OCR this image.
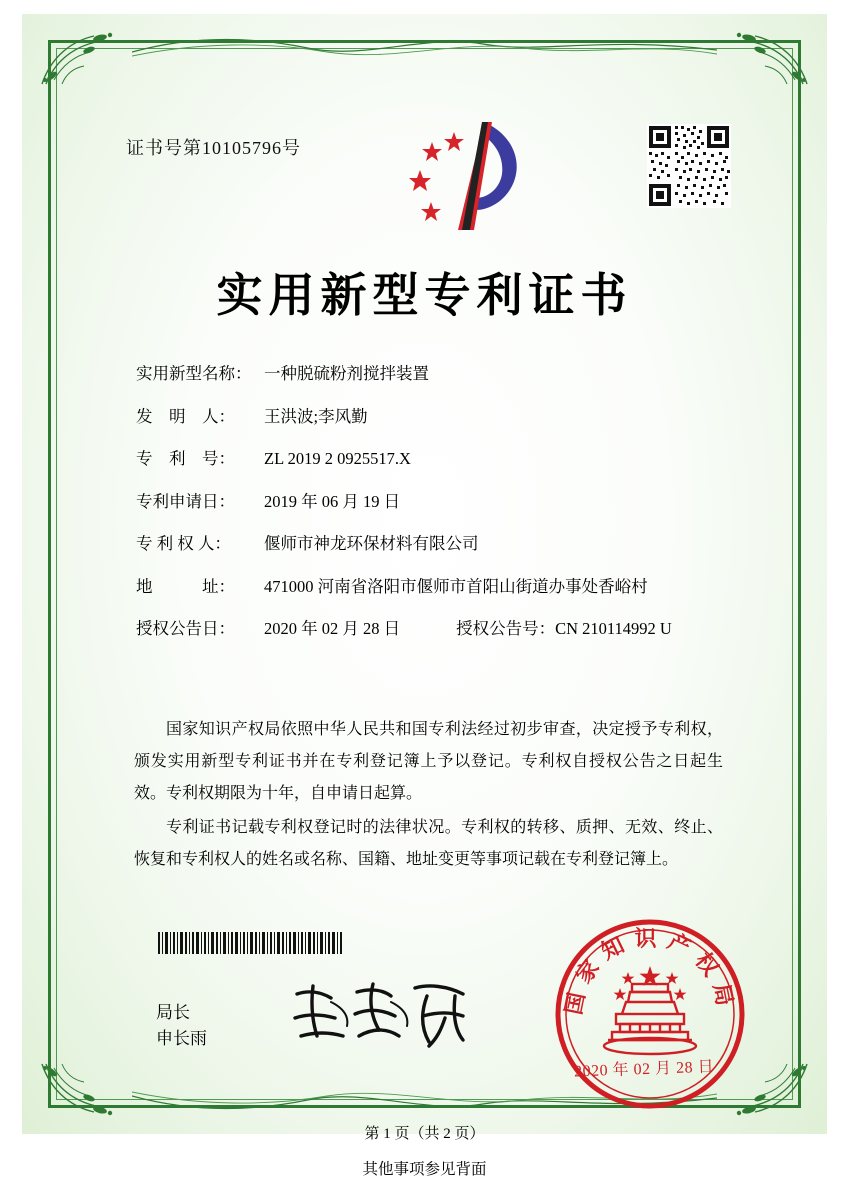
证书号第10105796号
实用新型专利证书
实用新型名称： 一种脱硫粉剂搅拌装置
发　明　人：	王洪波;李风勤
专　利　号：	ZL 2019 2 0925517.X
专利申请日：	2019 年 06 月 19 日
专 利 权 人：	偃师市神龙环保材料有限公司
地　　　址：	471000 河南省洛阳市偃师市首阳山街道办事处香峪村
授权公告日：	2020 年 02 月 28 日	授权公告号： CN 210114992 U

国家知识产权局依照中华人民共和国专利法经过初步审查，决定授予专利权，颁发实用新型专利证书并在专利登记簿上予以登记。专利权自授权公告之日起生效。专利权期限为十年，自申请日起算。

专利证书记载专利权登记时的法律状况。专利权的转移、质押、无效、终止、恢复和专利权人的姓名或名称、国籍、地址变更等事项记载在专利登记簿上。

局长
申长雨
国家知识产权局
2020 年 02 月 28 日
第 1 页（共 2 页）
其他事项参见背面
